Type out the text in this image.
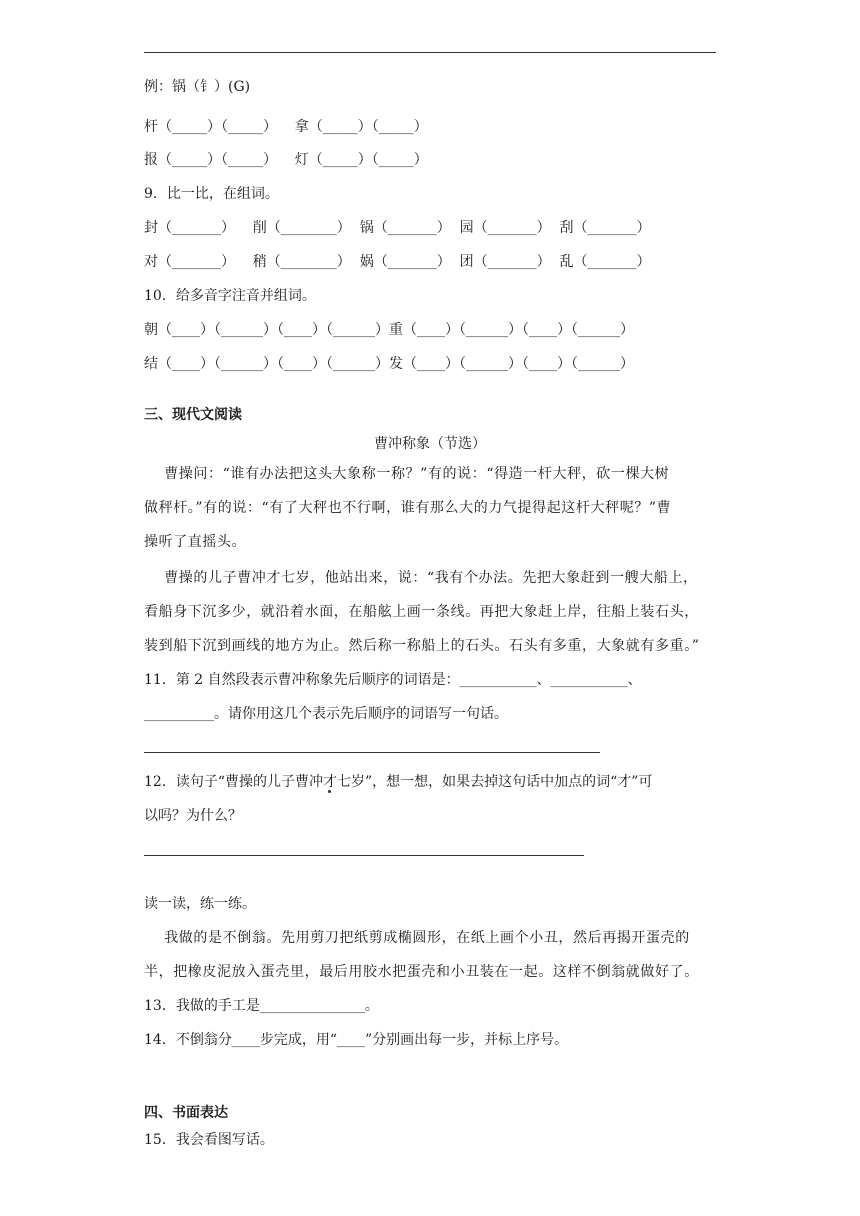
例：锅（钅）(G)
杆（_____）（_____）    拿（_____）（_____）
报（_____）（_____）    灯（_____）（_____）
9．比一比，在组词。
封（_______）    削（________）  锅（_______）  园（_______）  刮（_______）
对（_______）    稍（________）  娲（_______）  团（_______）  乱（_______）
10．给多音字注音并组词。
朝（____）（______）（____）（______）重（____）（______）（____）（______）
结（____）（______）（____）（______）发（____）（______）（____）（______）
三、现代文阅读
曹冲称象（节选）
曹操问：“谁有办法把这头大象称一称？”有的说：“得造一杆大秤，砍一棵大树
做秤杆。”有的说：“有了大秤也不行啊，谁有那么大的力气提得起这杆大秤呢？”曹
操听了直摇头。
曹操的儿子曹冲才七岁，他站出来，说：“我有个办法。先把大象赶到一艘大船上，
看船身下沉多少，就沿着水面，在船舷上画一条线。再把大象赶上岸，往船上装石头，
装到船下沉到画线的地方为止。然后称一称船上的石头。石头有多重，大象就有多重。”
11．第 2 自然段表示曹冲称象先后顺序的词语是：___________、___________、
__________。请你用这几个表示先后顺序的词语写一句话。
12．读句子“曹操的儿子曹冲才七岁”，想一想，如果去掉这句话中加点的词“才”可
以吗？为什么？
读一读，练一练。
我做的是不倒翁。先用剪刀把纸剪成椭圆形，在纸上画个小丑，然后再揭开蛋壳的
半，把橡皮泥放入蛋壳里，最后用胶水把蛋壳和小丑装在一起。这样不倒翁就做好了。
13．我做的手工是_______________。
14．不倒翁分____步完成，用“____”分别画出每一步，并标上序号。
四、书面表达
15．我会看图写话。
